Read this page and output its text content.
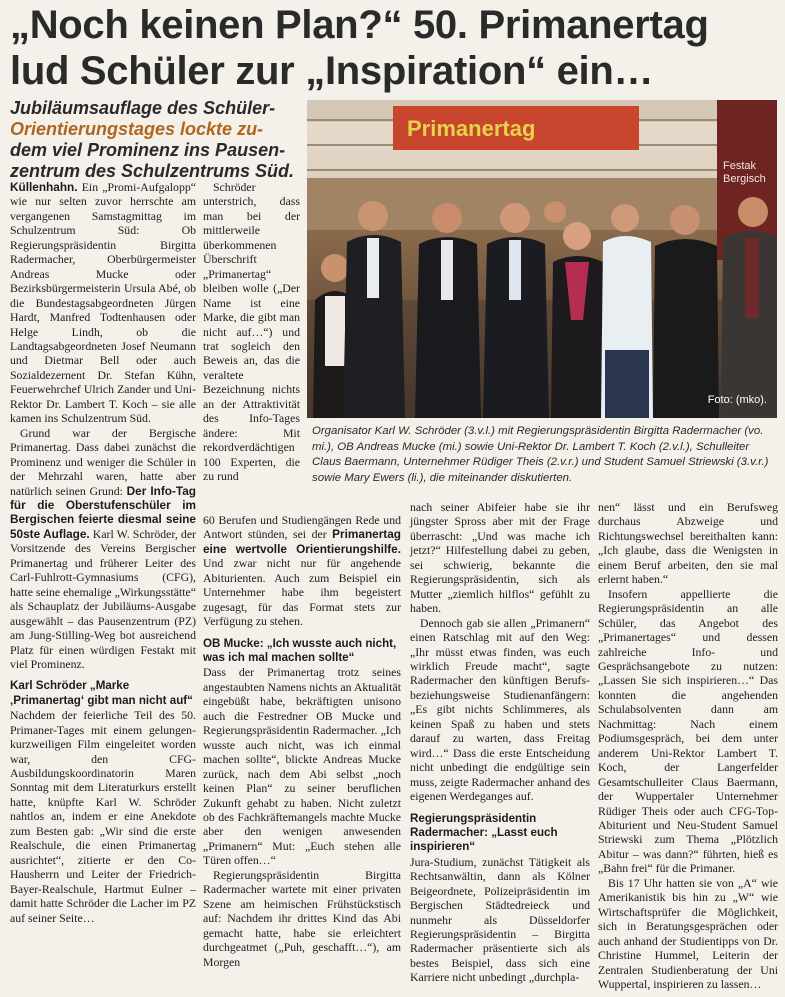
„Noch keinen Plan?“ 50. Primanertag
lud Schüler zur „Inspiration“ ein…
Jubiläumsauflage des Schüler- Orientierungstages lockte zu- dem viel Prominenz ins Pausen- zentrum des Schulzentrums Süd.
Primanertag
Festak Bergisch
Foto: (mko).
Organisator Karl W. Schröder (3.v.l.) mit Regierungspräsidentin Birgitta Radermacher (vo. mi.), OB Andreas Mucke (mi.) sowie Uni-Rektor Dr. Lambert T. Koch (2.v.l.), Schulleiter Claus Baermann, Unternehmer Rüdiger Theis (2.v.r.) und Student Samuel Striewski (3.v.r.) sowie Mary Ewers (li.), die miteinander diskutierten.

Küllenhahn. Ein „Promi-Aufgalopp“ wie nur selten zuvor herrschte am vergangenen Samstagmittag im Schulzentrum Süd: Ob Regierungspräsidentin Birgitta Radermacher, Oberbürgermeister Andreas Mucke oder Bezirksbürgermeisterin Ursula Abé, ob die Bundestagsabgeordneten Jürgen Hardt, Manfred Todtenhausen oder Helge Lindh, ob die Landtagsabgeordneten Josef Neumann und Dietmar Bell oder auch Sozialdezernent Dr. Stefan Kühn, Feuerwehrchef Ulrich Zander und Uni-Rektor Dr. Lambert T. Koch – sie alle kamen ins Schulzentrum Süd.

Grund war der Bergische Primanertag. Dass dabei zunächst die Prominenz und weniger die Schüler in der Mehrzahl waren, hatte aber natürlich seinen Grund: Der Info-Tag für die Oberstufenschüler im Bergischen feierte diesmal seine 50ste Auflage. Karl W. Schröder, der Vorsitzende des Vereins Bergischer Primanertag und früherer Leiter des Carl-Fuhlrott-Gymnasiums (CFG), hatte seine ehemalige „Wirkungsstätte“ als Schauplatz der Jubiläums-Ausgabe ausgewählt – das Pausenzentrum (PZ) am Jung-Stilling-Weg bot ausreichend Platz für einen würdigen Festakt mit viel Prominenz.

Karl Schröder „Marke ‚Primanertag‘ gibt man nicht auf“

Nachdem der feierliche Teil des 50. Primaner-Tages mit einem gelungen-kurzweiligen Film eingeleitet worden war, den CFG-Ausbildungskoordinatorin Maren Sonntag mit dem Literaturkurs erstellt hatte, knüpfte Karl W. Schröder nahtlos an, indem er eine Anekdote zum Besten gab: „Wir sind die erste Realschule, die einen Primanertag ausrichtet“, zitierte er den Co-Hausherrn und Leiter der Friedrich-Bayer-Realschule, Hartmut Eulner – damit hatte Schröder die Lacher im PZ auf seiner Seite…

Schröder unterstrich, dass man bei der mittlerweile überkommenen Überschrift „Primanertag“ bleiben wolle („Der Name ist eine Marke, die gibt man nicht auf…“) und trat sogleich den Beweis an, das die veraltete Bezeichnung nichts an der Attraktivität des Info-Tages ändere: Mit rekordverdächtigen 100 Experten, die zu rund

60 Berufen und Studiengängen Rede und Antwort stünden, sei der Primanertag eine wertvolle Orientierungshilfe. Und zwar nicht nur für angehende Abiturienten. Auch zum Beispiel ein Unternehmer habe ihm begeistert zugesagt, für das Format stets zur Verfügung zu stehen.

OB Mucke: „Ich wusste auch nicht, was ich mal machen sollte“

Dass der Primanertag trotz seines angestaubten Namens nichts an Aktualität eingebüßt habe, bekräftigten unisono auch die Festredner OB Mucke und Regierungspräsidentin Radermacher. „Ich wusste auch nicht, was ich einmal machen sollte“, blickte Andreas Mucke zurück, nach dem Abi selbst „noch keinen Plan“ zu seiner beruflichen Zukunft gehabt zu haben. Nicht zuletzt ob des Fachkräftemangels machte Mucke aber den wenigen anwesenden „Primanern“ Mut: „Euch stehen alle Türen offen…“

Regierungspräsidentin Birgitta Radermacher wartete mit einer privaten Szene am heimischen Frühstückstisch auf: Nachdem ihr drittes Kind das Abi gemacht hatte, habe sie erleichtert durchgeatmet („Puh, geschafft…“), am Morgen

nach seiner Abifeier habe sie ihr jüngster Spross aber mit der Frage überrascht: „Und was mache ich jetzt?“ Hilfestellung dabei zu geben, sei schwierig, bekannte die Regierungspräsidentin, sich als Mutter „ziemlich hilflos“ gefühlt zu haben.

Dennoch gab sie allen „Primanern“ einen Ratschlag mit auf den Weg: „Ihr müsst etwas finden, was euch wirklich Freude macht“, sagte Radermacher den künftigen Berufs- beziehungsweise Studienanfängern: „Es gibt nichts Schlimmeres, als keinen Spaß zu haben und stets darauf zu warten, dass Freitag wird…“ Dass die erste Entscheidung nicht unbedingt die endgültige sein muss, zeigte Radermacher anhand des eigenen Werdeganges auf.

Regierungspräsidentin Radermacher: „Lasst euch inspirieren“

Jura-Studium, zunächst Tätigkeit als Rechtsanwältin, dann als Kölner Beigeordnete, Polizeipräsidentin im Bergischen Städtedreieck und nunmehr als Düsseldorfer Regierungspräsidentin – Birgitta Radermacher präsentierte sich als bestes Beispiel, dass sich eine Karriere nicht unbedingt „durchpla-

nen“ lässt und ein Berufsweg durchaus Abzweige und Richtungswechsel bereithalten kann: „Ich glaube, dass die Wenigsten in einem Beruf arbeiten, den sie mal erlernt haben.“

Insofern appellierte die Regierungspräsidentin an alle Schüler, das Angebot des „Primanertages“ und dessen zahlreiche Info- und Gesprächsangebote zu nutzen: „Lassen Sie sich inspirieren…“ Das konnten die angehenden Schulabsolventen dann am Nachmittag: Nach einem Podiumsgespräch, bei dem unter anderem Uni-Rektor Lambert T. Koch, der Langerfelder Gesamtschulleiter Claus Baermann, der Wuppertaler Unternehmer Rüdiger Theis oder auch CFG-Top-Abiturient und Neu-Student Samuel Striewski zum Thema „Plötzlich Abitur – was dann?“ führten, hieß es „Bahn frei“ für die Primaner.

Bis 17 Uhr hatten sie von „A“ wie Amerikanistik bis hin zu „W“ wie Wirtschaftsprüfer die Möglichkeit, sich in Beratungsgesprächen oder auch anhand der Studientipps von Dr. Christine Hummel, Leiterin der Zentralen Studienberatung der Uni Wuppertal, inspirieren zu lassen…
